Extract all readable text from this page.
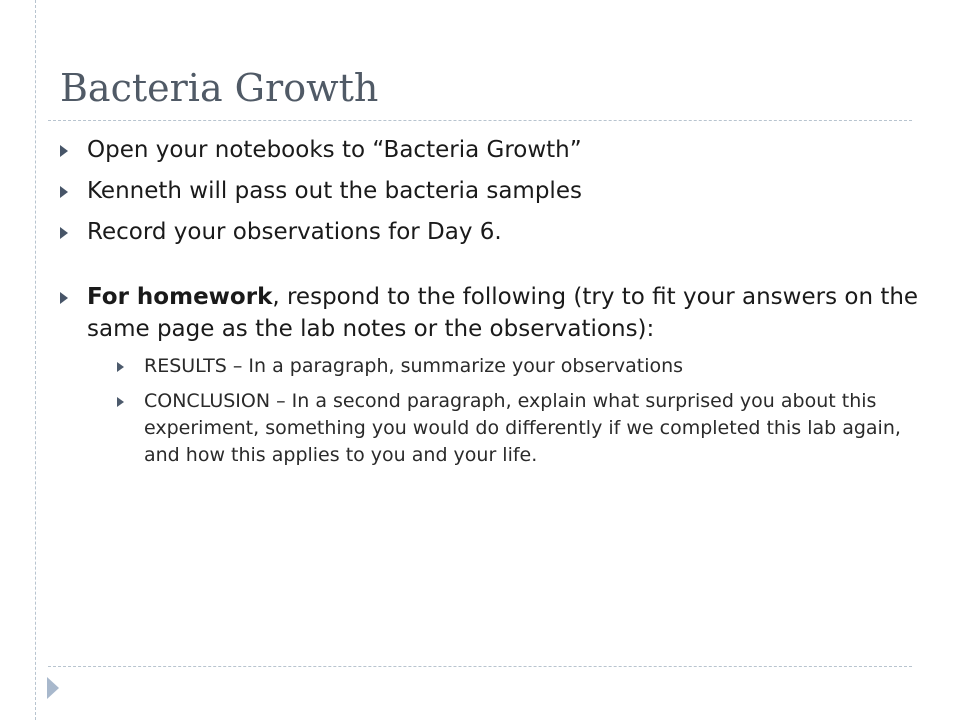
Bacteria Growth
Open your notebooks to “Bacteria Growth”
Kenneth will pass out the bacteria samples
Record your observations for Day 6.
For homework, respond to the following (try to fit your answers on the same page as the lab notes or the observations):
RESULTS – In a paragraph, summarize your observations
CONCLUSION – In a second paragraph, explain what surprised you about this experiment, something you would do differently if we completed this lab again, and how this applies to you and your life.
